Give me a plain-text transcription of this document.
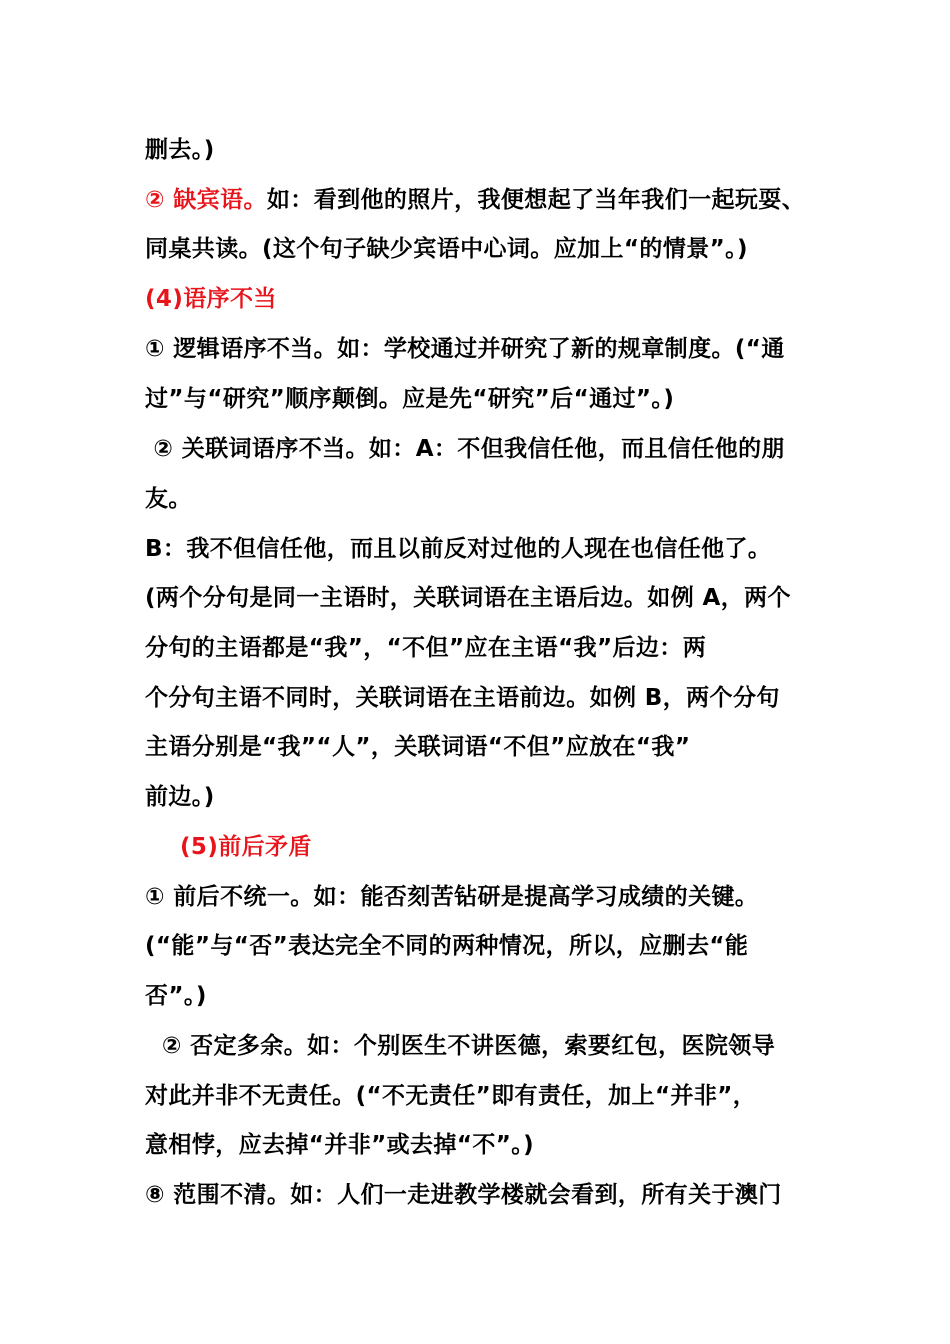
删去。)
② 缺宾语。如：看到他的照片，我便想起了当年我们一起玩耍、
同桌共读。(这个句子缺少宾语中心词。应加上“的情景”。)
(4)语序不当
① 逻辑语序不当。如：学校通过并研究了新的规章制度。(“通
过”与“研究”顺序颠倒。应是先“研究”后“通过”。)
② 关联词语序不当。如：A：不但我信任他，而且信任他的朋
友。
B：我不但信任他，而且以前反对过他的人现在也信任他了。
(两个分句是同一主语时，关联词语在主语后边。如例 A，两个
分句的主语都是“我”，“不但”应在主语“我”后边：两
个分句主语不同时，关联词语在主语前边。如例 B，两个分句
主语分别是“我”“人”，关联词语“不但”应放在“我”
前边。)
(5)前后矛盾
① 前后不统一。如：能否刻苦钻研是提高学习成绩的关键。
(“能”与“否”表达完全不同的两种情况，所以，应删去“能
否”。)
② 否定多余。如：个别医生不讲医德，索要红包，医院领导
对此并非不无责任。(“不无责任”即有责任，加上“并非”，
意相悖，应去掉“并非”或去掉“不”。)
⑧ 范围不清。如：人们一走进教学楼就会看到，所有关于澳门
